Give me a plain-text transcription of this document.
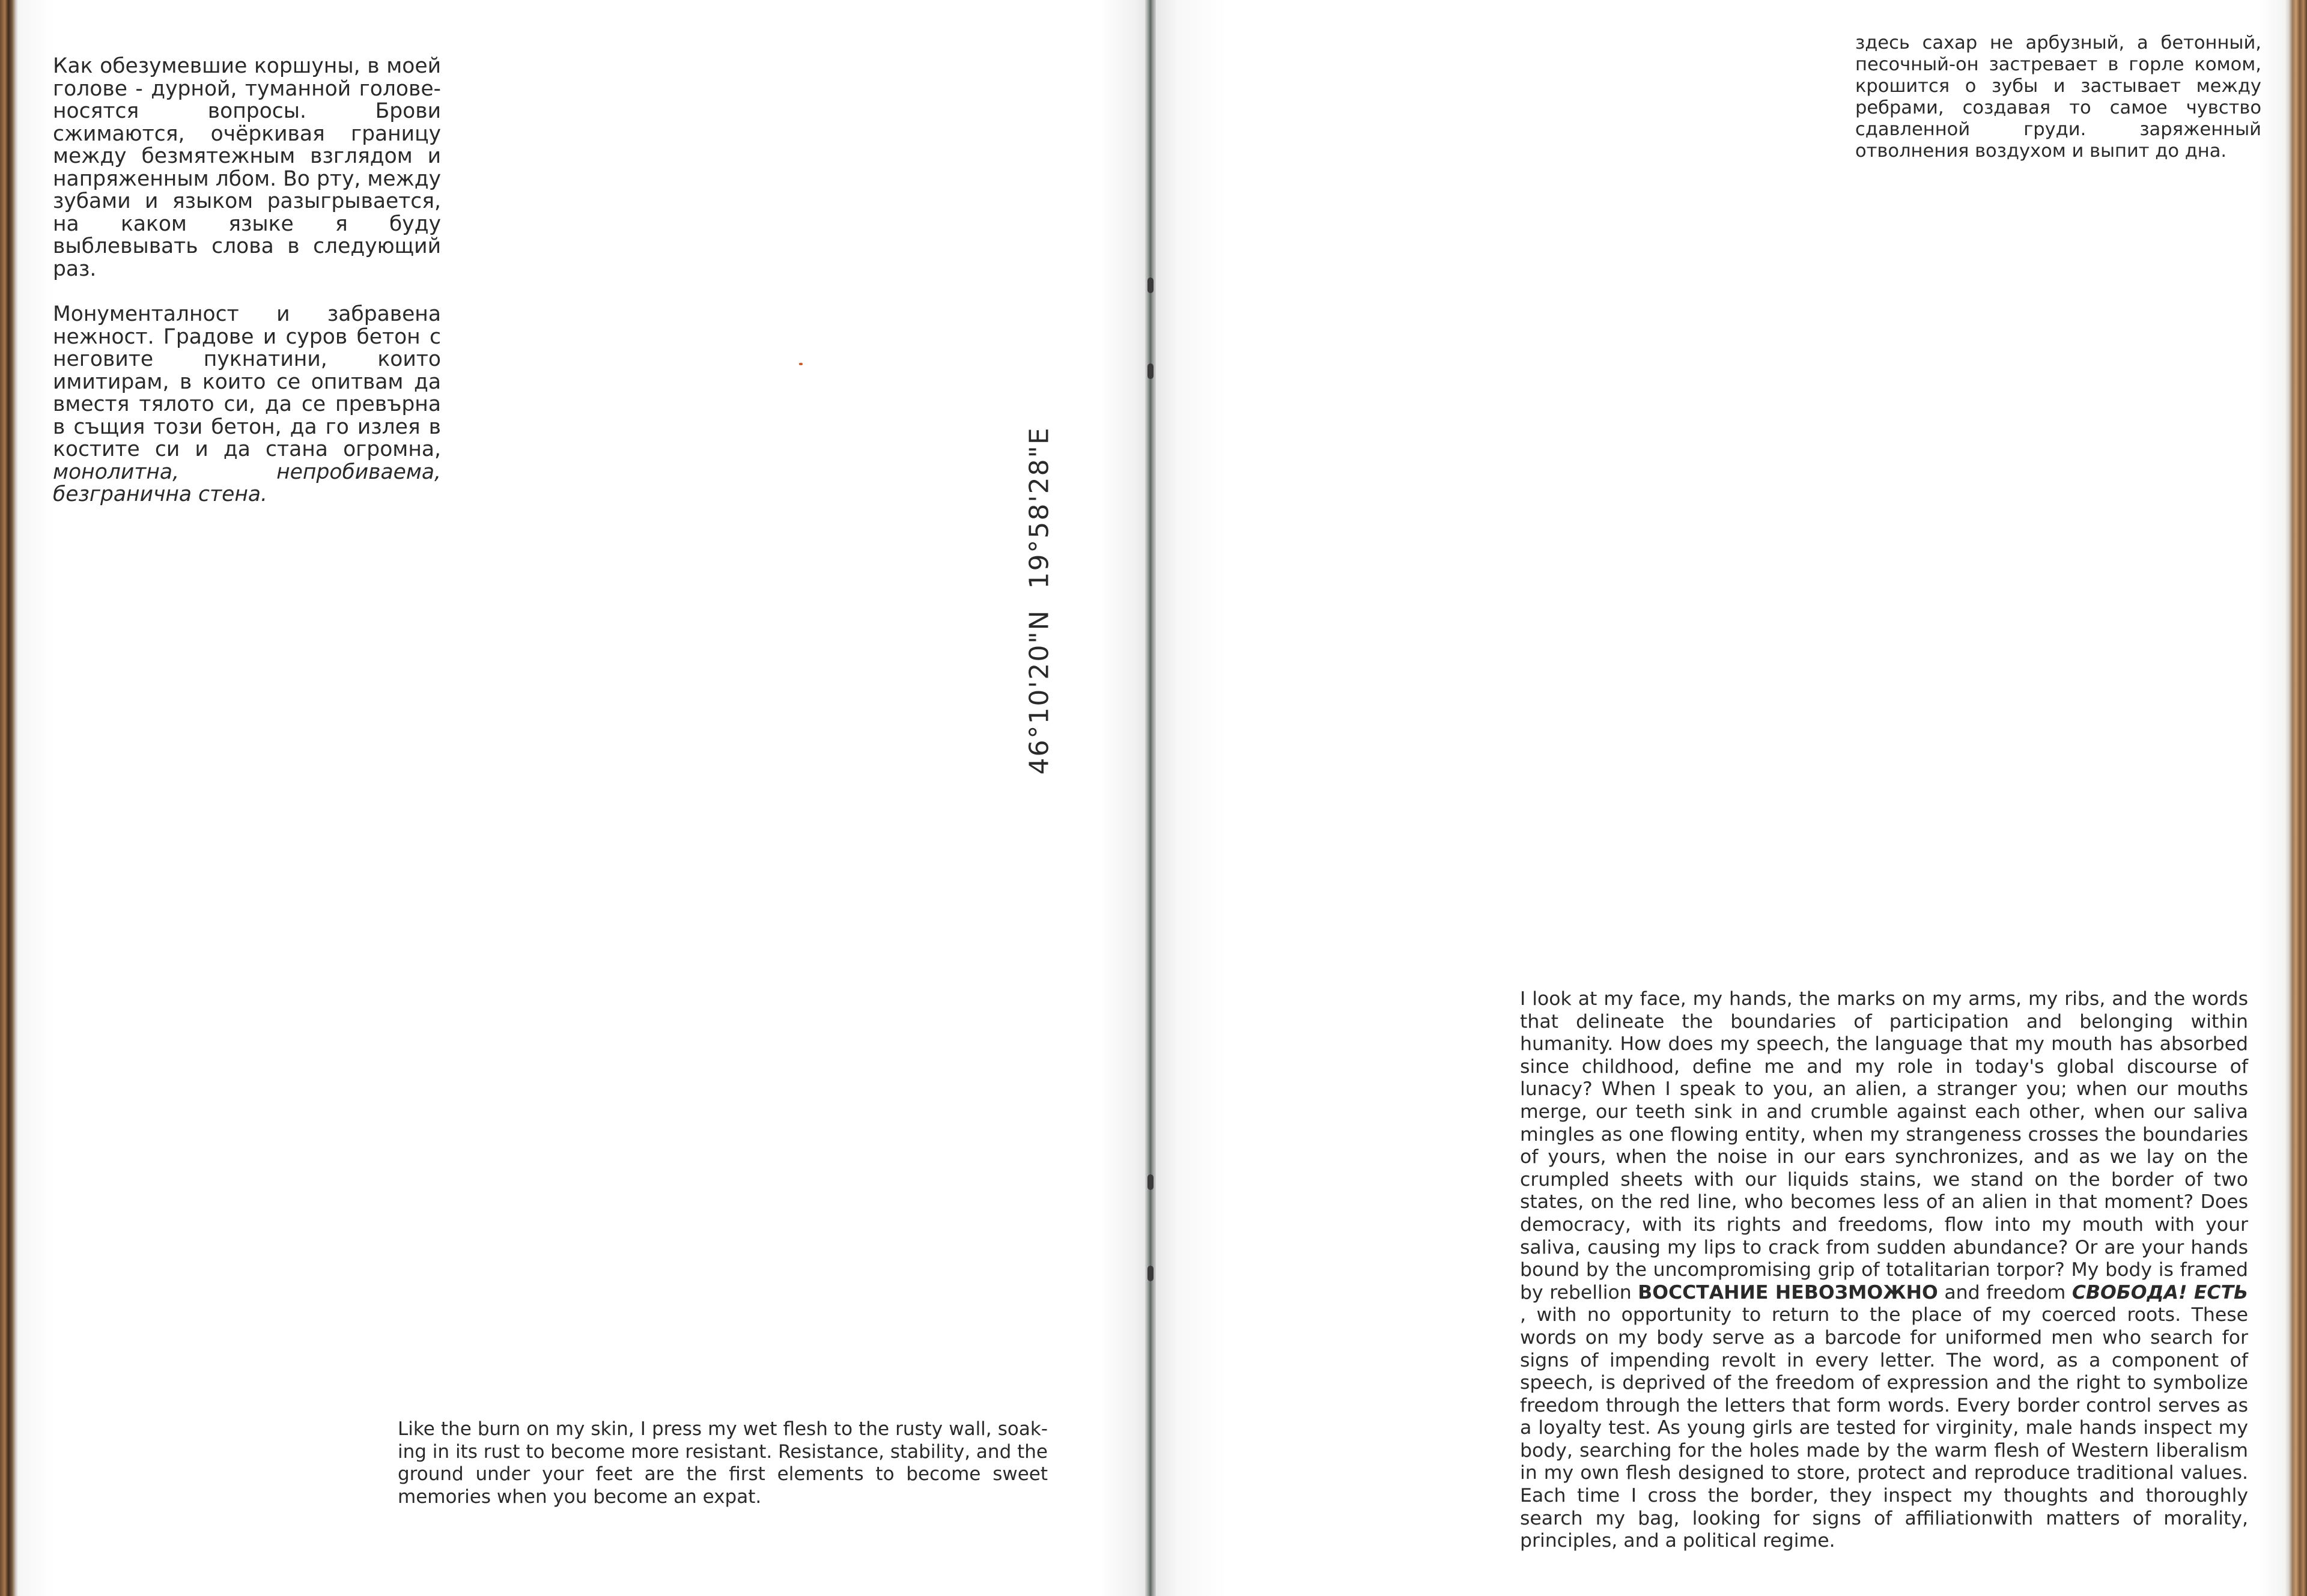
Как обезумевшие коршуны, в моей голове - дурной, туманной голове- носятся вопросы. Брови сжимаются, очёркивая границу между безмятежным взглядом и напряженным лбом. Во рту, между зубами и языком разыгрывается, на каком языке я буду выблевывать слова в следующий раз.

Монументалност и забравена нежност. Градове и суров бетон с неговите пукнатини, които имитирам, в които се опитвам да вместя тялото си, да се превърна в същия този бетон, да го излея в костите си и да стана огромна, монолитна, непробиваема, безгранична стена.

46°10'20"N19°58'28"E

Like the burn on my skin, I press my wet flesh to the rusty wall, soaking in its rust to become more resistant. Resistance, stability, and the ground under your feet are the first elements to become sweet memories when you become an expat.

здесь сахар не арбузный, а бетонный, песочный-он застревает в горле комом, крошится о зубы и застывает между ребрами, создавая то самое чувство сдавленной груди. заряженный отволнения воздухом и выпит до дна.

I look at my face, my hands, the marks on my arms, my ribs, and the words that delineate the boundaries of participation and belonging within humanity. How does my speech, the language that my mouth has absorbed since childhood, define me and my role in today's global discourse of lunacy? When I speak to you, an alien, a stranger you; when our mouths merge, our teeth sink in and crumble against each other, when our saliva mingles as one flowing entity, when my strangeness crosses the boundaries of yours, when the noise in our ears synchronizes, and as we lay on the crumpled sheets with our liquids stains, we stand on the border of two states, on the red line, who becomes less of an alien in that moment? Does democracy, with its rights and freedoms, flow into my mouth with your saliva, causing my lips to crack from sudden abundance? Or are your hands bound by the uncompromising grip of totalitarian torpor? My body is framed by rebellion ВОССТАНИЕ НЕВОЗМОЖНО and freedom СВОБОДА! ЕСТЬ , with no opportunity to return to the place of my coerced roots. These words on my body serve as a barcode for uniformed men who search for signs of impending revolt in every letter. The word, as a component of speech, is deprived of the freedom of expression and the right to symbolize freedom through the letters that form words. Every border control serves as a loyalty test. As young girls are tested for virginity, male hands inspect my body, searching for the holes made by the warm flesh of Western liberalism in my own flesh designed to store, protect and reproduce traditional values. Each time I cross the border, they inspect my thoughts and thoroughly search my bag, looking for signs of affiliationwith matters of morality, principles, and a political regime.
